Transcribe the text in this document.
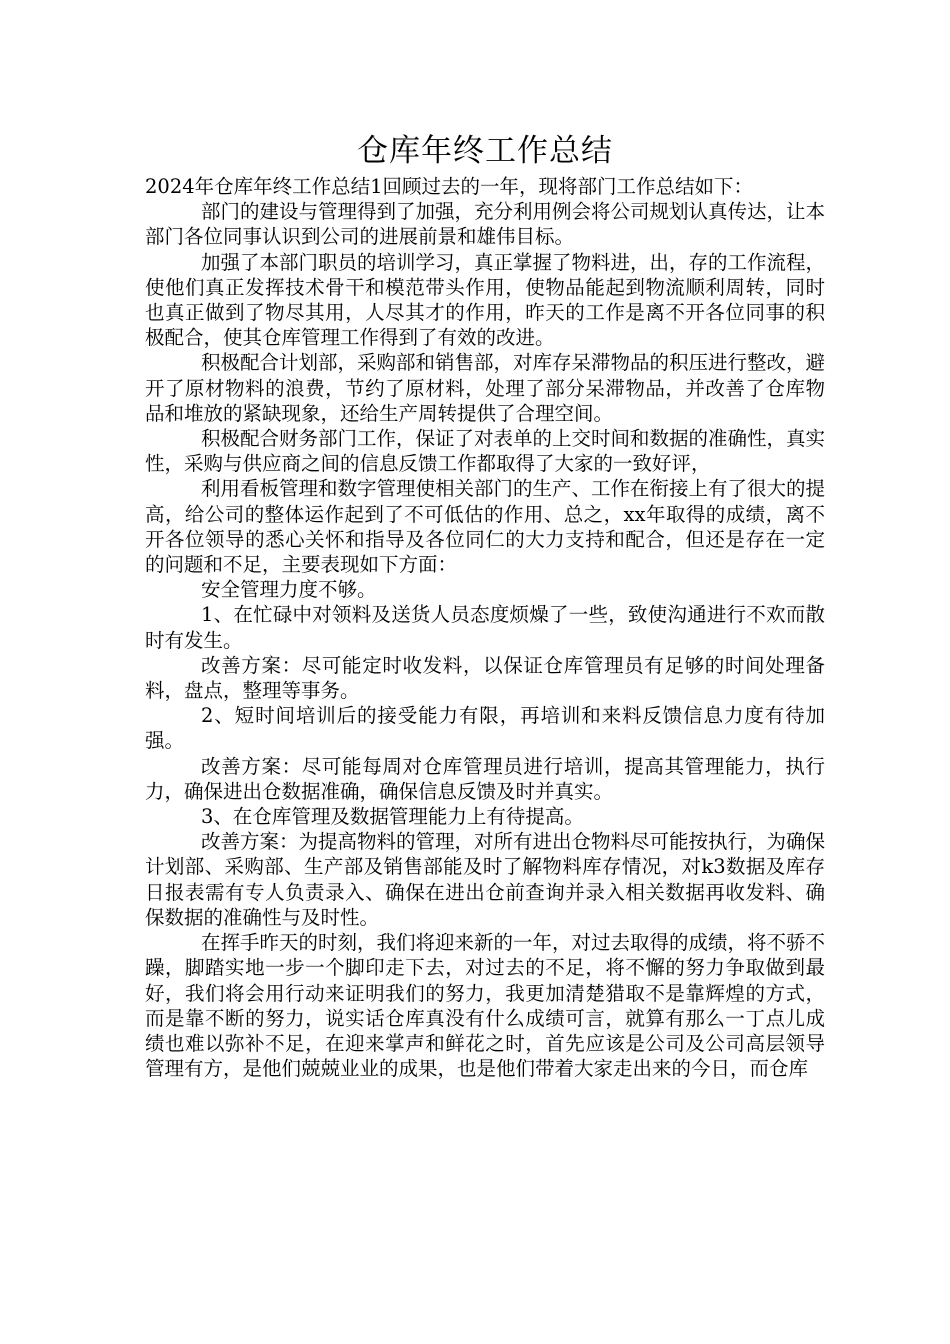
仓库年终工作总结

2024年仓库年终工作总结1回顾过去的一年，现将部门工作总结如下：

部门的建设与管理得到了加强，充分利用例会将公司规划认真传达，让本部门各位同事认识到公司的进展前景和雄伟目标。

加强了本部门职员的培训学习，真正掌握了物料进，出，存的工作流程，使他们真正发挥技术骨干和模范带头作用，使物品能起到物流顺利周转，同时也真正做到了物尽其用，人尽其才的作用，昨天的工作是离不开各位同事的积极配合，使其仓库管理工作得到了有效的改进。

积极配合计划部，采购部和销售部，对库存呆滞物品的积压进行整改，避开了原材物料的浪费，节约了原材料，处理了部分呆滞物品，并改善了仓库物品和堆放的紧缺现象，还给生产周转提供了合理空间。

积极配合财务部门工作，保证了对表单的上交时间和数据的准确性，真实性，采购与供应商之间的信息反馈工作都取得了大家的一致好评，

利用看板管理和数字管理使相关部门的生产、工作在衔接上有了很大的提高，给公司的整体运作起到了不可低估的作用、总之，xx年取得的成绩，离不开各位领导的悉心关怀和指导及各位同仁的大力支持和配合，但还是存在一定的问题和不足，主要表现如下方面：

安全管理力度不够。

1、在忙碌中对领料及送货人员态度烦燥了一些，致使沟通进行不欢而散时有发生。

改善方案：尽可能定时收发料，以保证仓库管理员有足够的时间处理备料，盘点，整理等事务。

2、短时间培训后的接受能力有限，再培训和来料反馈信息力度有待加强。

改善方案：尽可能每周对仓库管理员进行培训，提高其管理能力，执行力，确保进出仓数据准确，确保信息反馈及时并真实。

3、在仓库管理及数据管理能力上有待提高。

改善方案：为提高物料的管理，对所有进出仓物料尽可能按执行，为确保计划部、采购部、生产部及销售部能及时了解物料库存情况，对k3数据及库存日报表需有专人负责录入、确保在进出仓前查询并录入相关数据再收发料、确保数据的准确性与及时性。

在挥手昨天的时刻，我们将迎来新的一年，对过去取得的成绩，将不骄不躁，脚踏实地一步一个脚印走下去，对过去的不足，将不懈的努力争取做到最好，我们将会用行动来证明我们的努力，我更加清楚猎取不是靠辉煌的方式，而是靠不断的努力，说实话仓库真没有什么成绩可言，就算有那么一丁点儿成绩也难以弥补不足，在迎来掌声和鲜花之时，首先应该是公司及公司高层领导管理有方，是他们兢兢业业的成果，也是他们带着大家走出来的今日，而仓库
